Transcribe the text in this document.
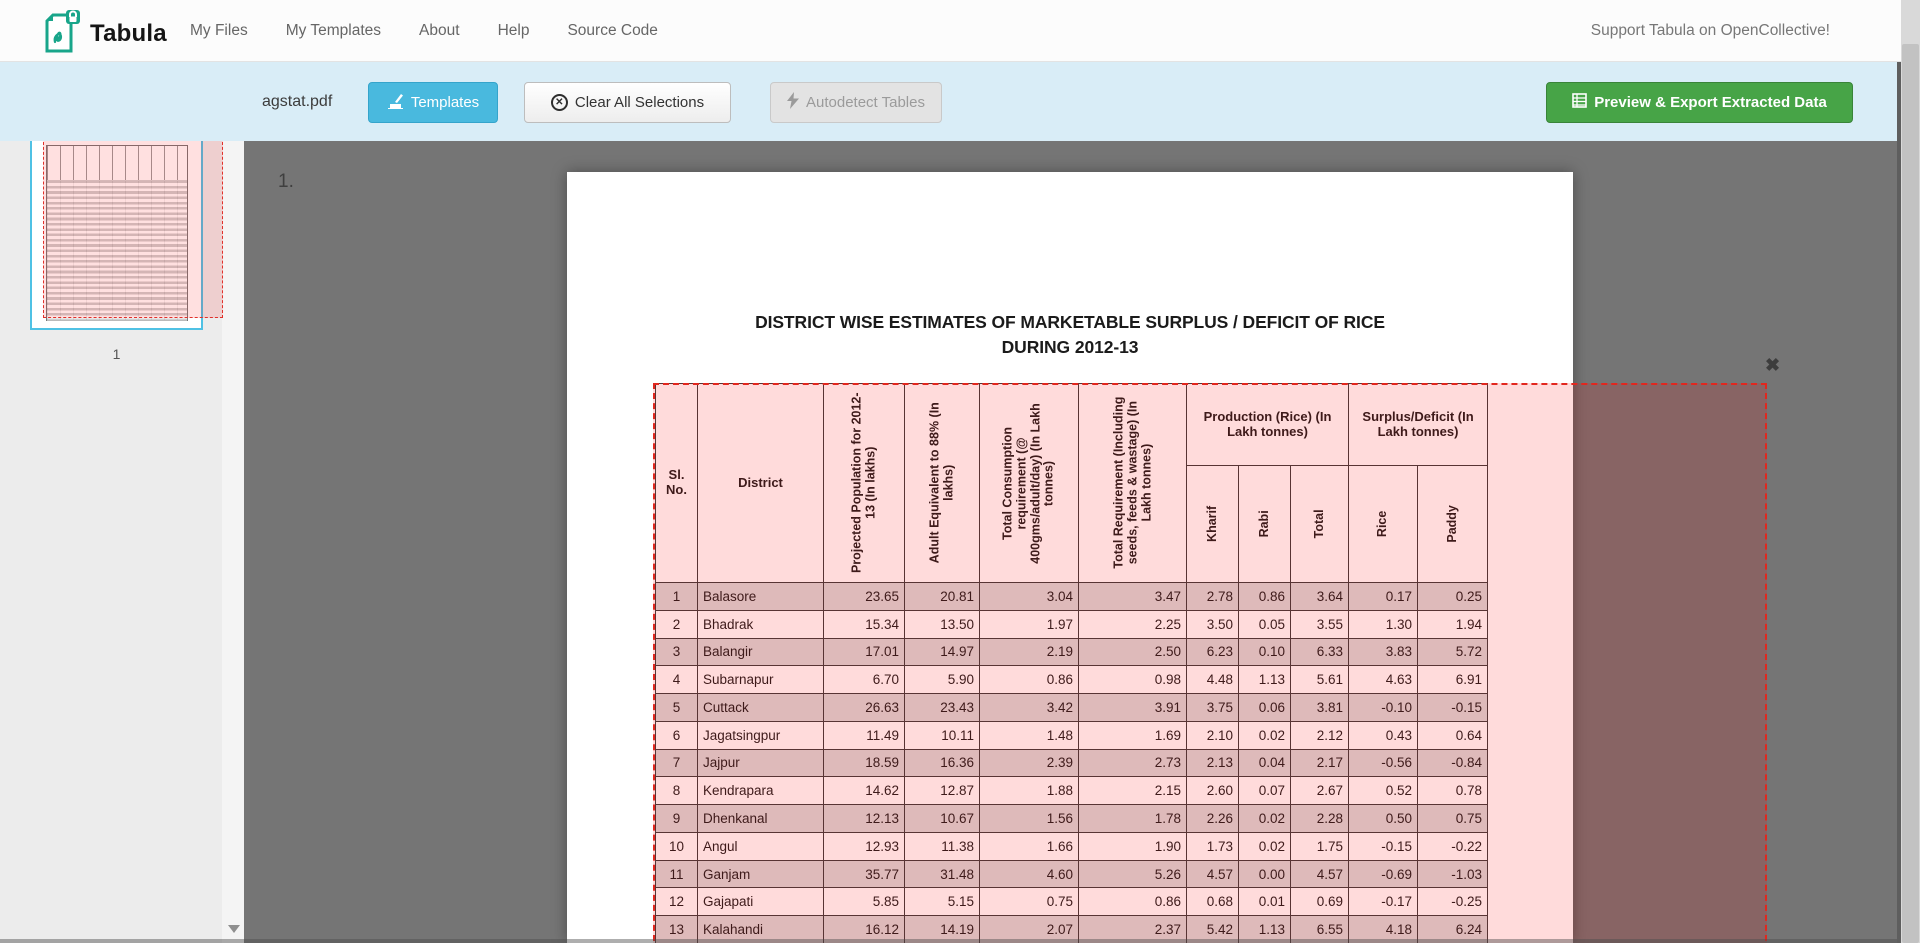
Tabula My Files My Templates About Help Source Code	Support Tabula on OpenCollective!
agstat.pdf	Templates	✕ Clear All Selections	Autodetect Tables	Preview & Export Extracted Data

1
1.
DISTRICT WISE ESTIMATES OF MARKETABLE SURPLUS / DEFICIT OF RICE
DURING 2012-13
Sl. No.	District	Projected Population for 2012-13 (In lakhs)	Adult Equivalent to 88% (In lakhs)	Total Consumption requirement (@ 400gms/adult/day) (In Lakh tonnes)	Total Requirement (Including seeds, feeds & wastage) (In Lakh tonnes)	Production (Rice) (In Lakh tonnes)			Surplus/Deficit (In Lakh tonnes)	

						Kharif	Rabi	Total	Rice	Paddy

1	Balasore	23.65	20.81	3.04	3.47	2.78	0.86	3.64	0.17	0.25
2	Bhadrak	15.34	13.50	1.97	2.25	3.50	0.05	3.55	1.30	1.94
3	Balangir	17.01	14.97	2.19	2.50	6.23	0.10	6.33	3.83	5.72
4	Subarnapur	6.70	5.90	0.86	0.98	4.48	1.13	5.61	4.63	6.91
5	Cuttack	26.63	23.43	3.42	3.91	3.75	0.06	3.81	-0.10	-0.15
6	Jagatsingpur	11.49	10.11	1.48	1.69	2.10	0.02	2.12	0.43	0.64
7	Jajpur	18.59	16.36	2.39	2.73	2.13	0.04	2.17	-0.56	-0.84
8	Kendrapara	14.62	12.87	1.88	2.15	2.60	0.07	2.67	0.52	0.78
9	Dhenkanal	12.13	10.67	1.56	1.78	2.26	0.02	2.28	0.50	0.75
10	Angul	12.93	11.38	1.66	1.90	1.73	0.02	1.75	-0.15	-0.22
11	Ganjam	35.77	31.48	4.60	5.26	4.57	0.00	4.57	-0.69	-1.03
12	Gajapati	5.85	5.15	0.75	0.86	0.68	0.01	0.69	-0.17	-0.25
13	Kalahandi	16.12	14.19	2.07	2.37	5.42	1.13	6.55	4.18	6.24
✖
